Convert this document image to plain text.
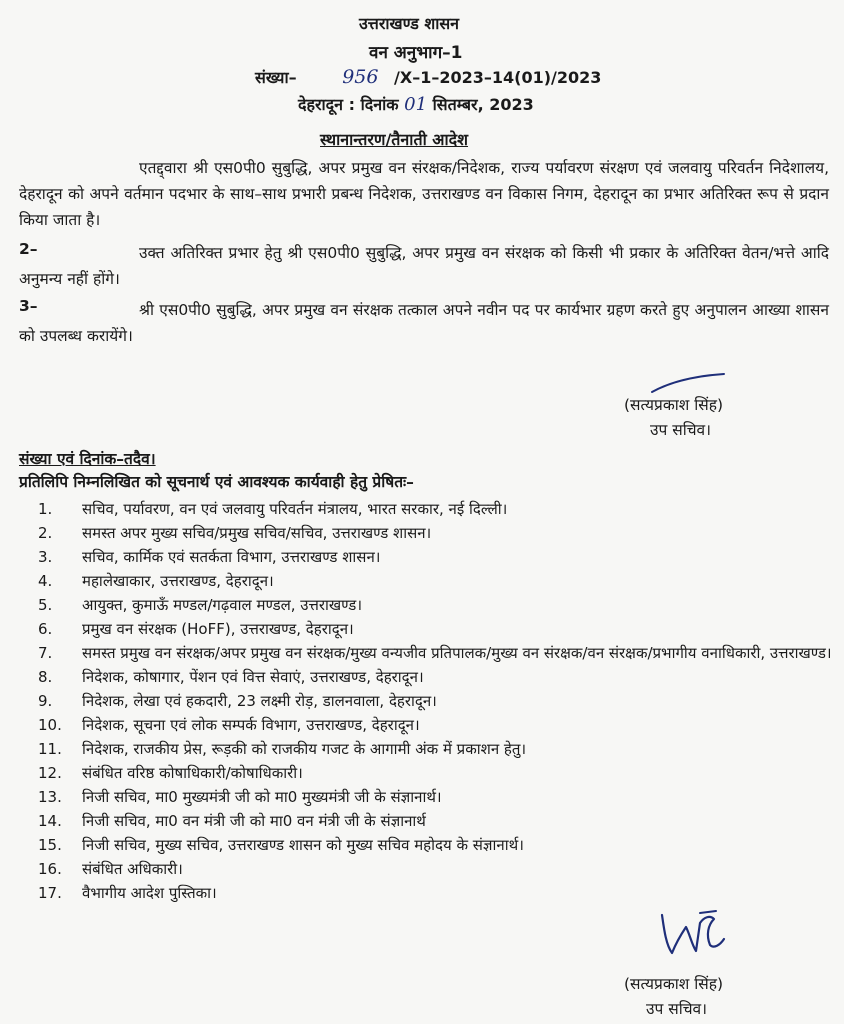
उत्तराखण्ड शासन
वन अनुभाग–1
संख्या– 956 /X–1–2023–14(01)/2023
देहरादून : दिनांक 01 सितम्बर, 2023
स्थानान्तरण/तैनाती आदेश
एतद्द्वारा श्री एस0पी0 सुबुद्धि, अपर प्रमुख वन संरक्षक/निदेशक, राज्य पर्यावरण संरक्षण एवं जलवायु परिवर्तन निदेशालय, देहरादून को अपने वर्तमान पदभार के साथ–साथ प्रभारी प्रबन्ध निदेशक, उत्तराखण्ड वन विकास निगम, देहरादून का प्रभार अतिरिक्त रूप से प्रदान किया जाता है।
2–	उक्त अतिरिक्त प्रभार हेतु श्री एस0पी0 सुबुद्धि, अपर प्रमुख वन संरक्षक को किसी भी प्रकार के अतिरिक्त वेतन/भत्ते आदि अनुमन्य नहीं होंगे।
3–	श्री एस0पी0 सुबुद्धि, अपर प्रमुख वन संरक्षक तत्काल अपने नवीन पद पर कार्यभार ग्रहण करते हुए अनुपालन आख्या शासन को उपलब्ध करायेंगे।
(सत्यप्रकाश सिंह)
उप सचिव।
संख्या एवं दिनांक–तदैव।
प्रतिलिपि निम्नलिखित को सूचनार्थ एवं आवश्यक कार्यवाही हेतु प्रेषितः–
1.	सचिव, पर्यावरण, वन एवं जलवायु परिवर्तन मंत्रालय, भारत सरकार, नई दिल्ली।
2.	समस्त अपर मुख्य सचिव/प्रमुख सचिव/सचिव, उत्तराखण्ड शासन।
3.	सचिव, कार्मिक एवं सतर्कता विभाग, उत्तराखण्ड शासन।
4.	महालेखाकार, उत्तराखण्ड, देहरादून।
5.	आयुक्त, कुमाऊँ मण्डल/गढ़वाल मण्डल, उत्तराखण्ड।
6.	प्रमुख वन संरक्षक (HoFF), उत्तराखण्ड, देहरादून।
7.	समस्त प्रमुख वन संरक्षक/अपर प्रमुख वन संरक्षक/मुख्य वन्यजीव प्रतिपालक/मुख्य वन संरक्षक/वन संरक्षक/प्रभागीय वनाधिकारी, उत्तराखण्ड।
8.	निदेशक, कोषागार, पेंशन एवं वित्त सेवाएं, उत्तराखण्ड, देहरादून।
9.	निदेशक, लेखा एवं हकदारी, 23 लक्ष्मी रोड़, डालनवाला, देहरादून।
10.	निदेशक, सूचना एवं लोक सम्पर्क विभाग, उत्तराखण्ड, देहरादून।
11.	निदेशक, राजकीय प्रेस, रूड़की को राजकीय गजट के आगामी अंक में प्रकाशन हेतु।
12.	संबंधित वरिष्ठ कोषाधिकारी/कोषाधिकारी।
13.	निजी सचिव, मा0 मुख्यमंत्री जी को मा0 मुख्यमंत्री जी के संज्ञानार्थ।
14.	निजी सचिव, मा0 वन मंत्री जी को मा0 वन मंत्री जी के संज्ञानार्थ
15.	निजी सचिव, मुख्य सचिव, उत्तराखण्ड शासन को मुख्य सचिव महोदय के संज्ञानार्थ।
16.	संबंधित अधिकारी।
17.	वैभागीय आदेश पुस्तिका।
(सत्यप्रकाश सिंह)
उप सचिव।
